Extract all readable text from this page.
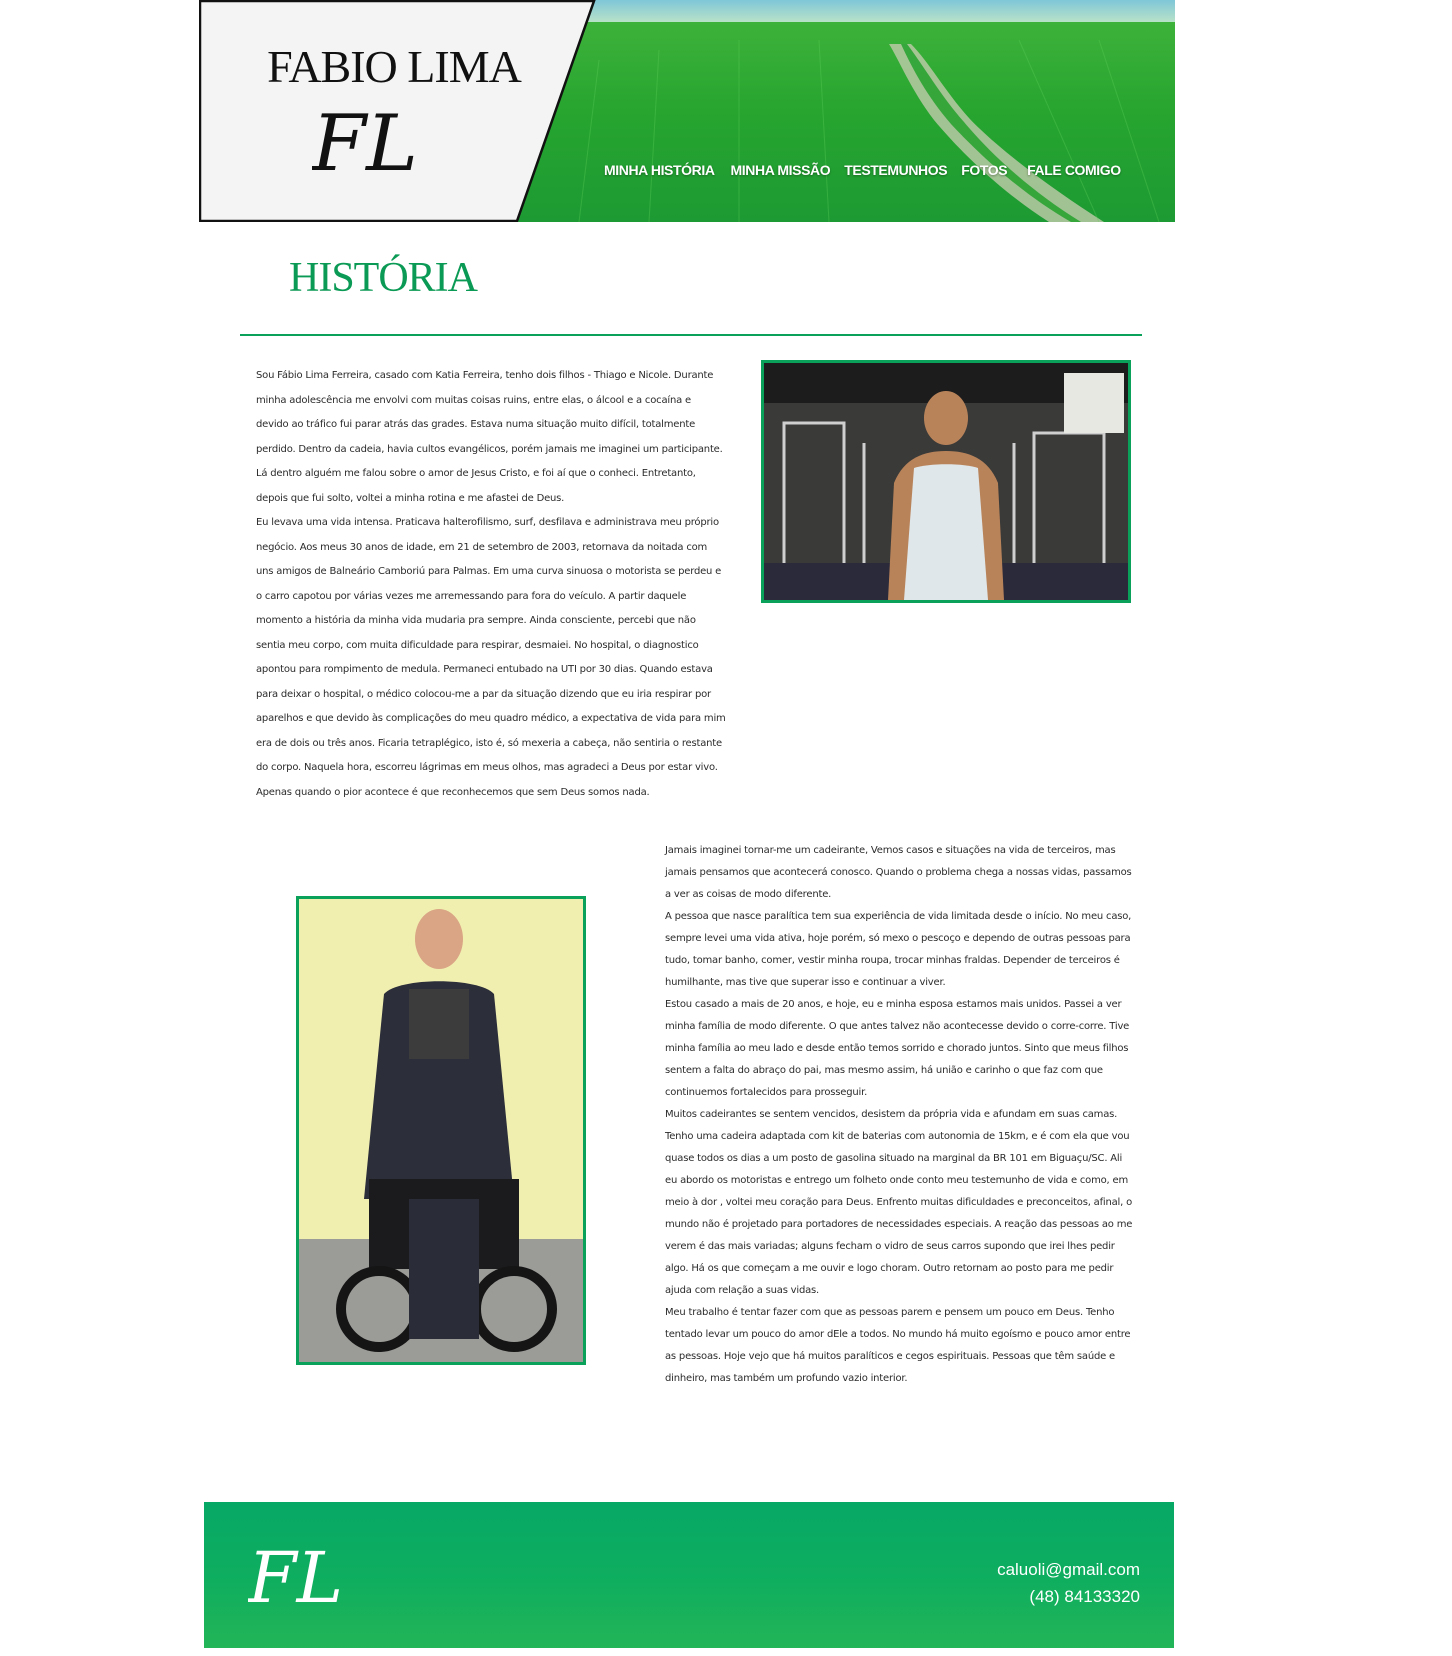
FABIO LIMA
FL	MINHA HISTÓRIA MINHA MISSÃO TESTEMUNHOS FOTOS FALE COMIGO
HISTÓRIA

Sou Fábio Lima Ferreira, casado com Katia Ferreira, tenho dois filhos - Thiago e Nicole. Durante minha adolescência me envolvi com muitas coisas ruins, entre elas, o álcool e a cocaína e devido ao tráfico fui parar atrás das grades. Estava numa situação muito difícil, totalmente perdido. Dentro da cadeia, havia cultos evangélicos, porém jamais me imaginei um participante. Lá dentro alguém me falou sobre o amor de Jesus Cristo, e foi aí que o conheci. Entretanto, depois que fui solto, voltei a minha rotina e me afastei de Deus.

Eu levava uma vida intensa. Praticava halterofilismo, surf, desfilava e administrava meu próprio negócio. Aos meus 30 anos de idade, em 21 de setembro de 2003, retornava da noitada com uns amigos de Balneário Camboriú para Palmas. Em uma curva sinuosa o motorista se perdeu e o carro capotou por várias vezes me arremessando para fora do veículo. A partir daquele momento a história da minha vida mudaria pra sempre. Ainda consciente, percebi que não sentia meu corpo, com muita dificuldade para respirar, desmaiei. No hospital, o diagnostico apontou para rompimento de medula. Permaneci entubado na UTI por 30 dias. Quando estava para deixar o hospital, o médico colocou-me a par da situação dizendo que eu iria respirar por aparelhos e que devido às complicações do meu quadro médico, a expectativa de vida para mim era de dois ou três anos. Ficaria tetraplégico, isto é, só mexeria a cabeça, não sentiria o restante do corpo. Naquela hora, escorreu lágrimas em meus olhos, mas agradeci a Deus por estar vivo. Apenas quando o pior acontece é que reconhecemos que sem Deus somos nada.

Jamais imaginei tornar-me um cadeirante, Vemos casos e situações na vida de terceiros, mas jamais pensamos que acontecerá conosco. Quando o problema chega a nossas vidas, passamos a ver as coisas de modo diferente.

A pessoa que nasce paralítica tem sua experiência de vida limitada desde o início. No meu caso, sempre levei uma vida ativa, hoje porém, só mexo o pescoço e dependo de outras pessoas para tudo, tomar banho, comer, vestir minha roupa, trocar minhas fraldas. Depender de terceiros é humilhante, mas tive que superar isso e continuar a viver.

Estou casado a mais de 20 anos, e hoje, eu e minha esposa estamos mais unidos. Passei a ver minha família de modo diferente. O que antes talvez não acontecesse devido o corre-corre. Tive minha família ao meu lado e desde então temos sorrido e chorado juntos. Sinto que meus filhos sentem a falta do abraço do pai, mas mesmo assim, há união e carinho o que faz com que continuemos fortalecidos para prosseguir.

Muitos cadeirantes se sentem vencidos, desistem da própria vida e afundam em suas camas. Tenho uma cadeira adaptada com kit de baterias com autonomia de 15km, e é com ela que vou quase todos os dias a um posto de gasolina situado na marginal da BR 101 em Biguaçu/SC. Ali eu abordo os motoristas e entrego um folheto onde conto meu testemunho de vida e como, em meio à dor , voltei meu coração para Deus. Enfrento muitas dificuldades e preconceitos, afinal, o mundo não é projetado para portadores de necessidades especiais. A reação das pessoas ao me verem é das mais variadas; alguns fecham o vidro de seus carros supondo que irei lhes pedir algo. Há os que começam a me ouvir e logo choram. Outro retornam ao posto para me pedir ajuda com relação a suas vidas.

Meu trabalho é tentar fazer com que as pessoas parem e pensem um pouco em Deus. Tenho tentado levar um pouco do amor dEle a todos. No mundo há muito egoísmo e pouco amor entre as pessoas. Hoje vejo que há muitos paralíticos e cegos espirituais. Pessoas que têm saúde e dinheiro, mas também um profundo vazio interior.

FL	caluoli@gmail.com
(48) 84133320
